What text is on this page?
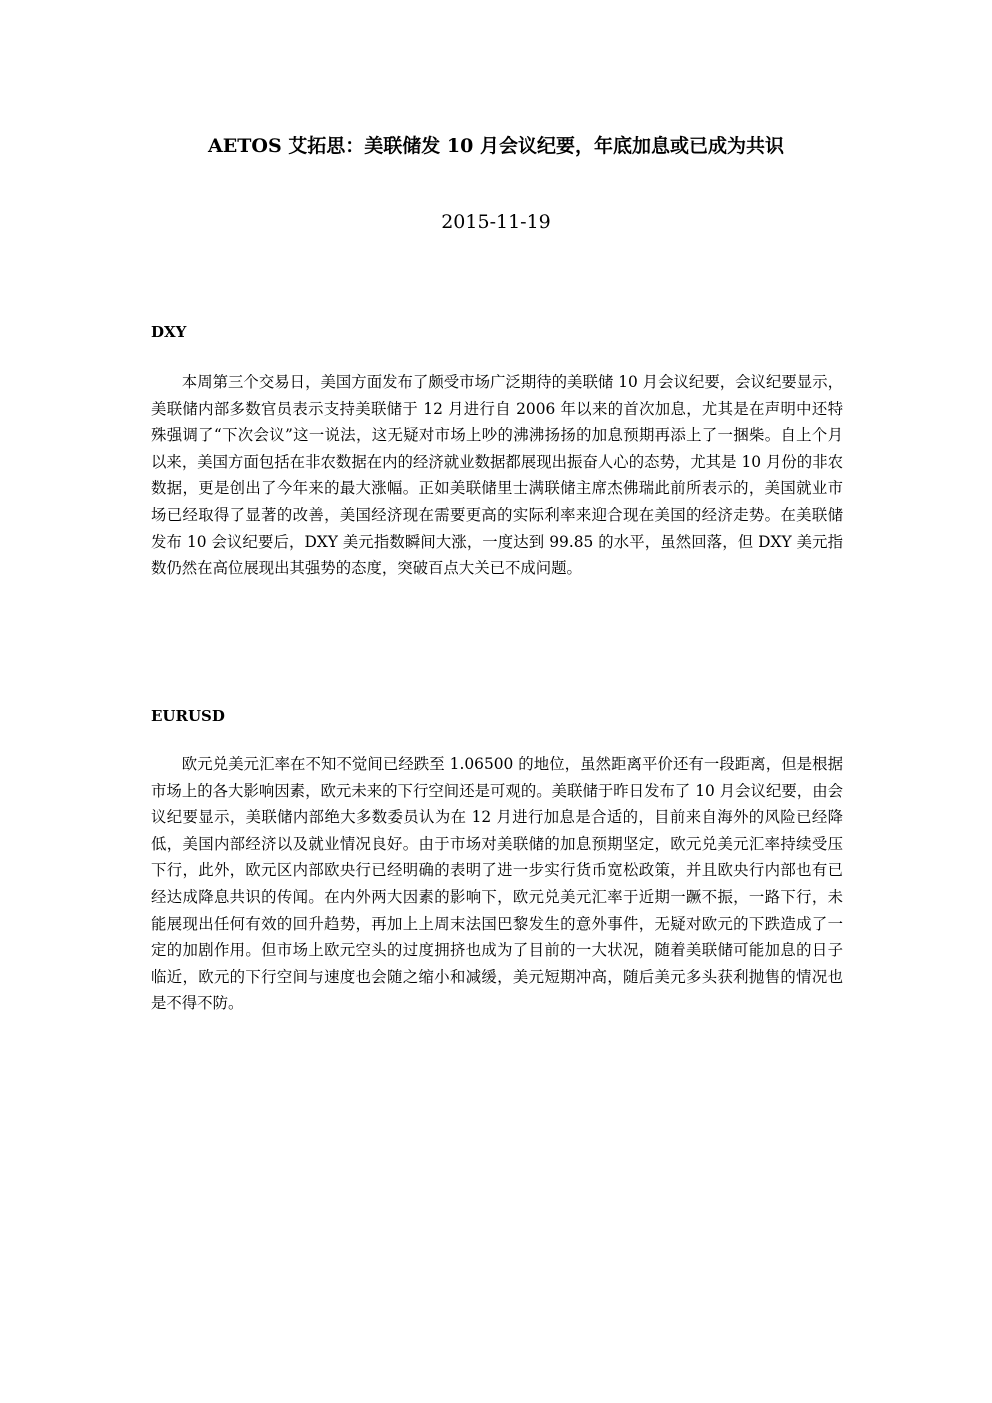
AETOS 艾拓思：美联储发 10 月会议纪要，年底加息或已成为共识
2015-11-19
DXY

本周第三个交易日，美国方面发布了颇受市场广泛期待的美联储 10 月会议纪要，会议纪要显示，美联储内部多数官员表示支持美联储于 12 月进行自 2006 年以来的首次加息，尤其是在声明中还特殊强调了“下次会议”这一说法，这无疑对市场上吵的沸沸扬扬的加息预期再添上了一捆柴。自上个月以来，美国方面包括在非农数据在内的经济就业数据都展现出振奋人心的态势，尤其是 10 月份的非农数据，更是创出了今年来的最大涨幅。正如美联储里士满联储主席杰佛瑞此前所表示的，美国就业市场已经取得了显著的改善，美国经济现在需要更高的实际利率来迎合现在美国的经济走势。在美联储发布 10 会议纪要后，DXY 美元指数瞬间大涨，一度达到 99.85 的水平，虽然回落，但 DXY 美元指数仍然在高位展现出其强势的态度，突破百点大关已不成问题。

EURUSD

欧元兑美元汇率在不知不觉间已经跌至 1.06500 的地位，虽然距离平价还有一段距离，但是根据市场上的各大影响因素，欧元未来的下行空间还是可观的。美联储于昨日发布了 10 月会议纪要，由会议纪要显示，美联储内部绝大多数委员认为在 12 月进行加息是合适的，目前来自海外的风险已经降低，美国内部经济以及就业情况良好。由于市场对美联储的加息预期坚定，欧元兑美元汇率持续受压下行，此外，欧元区内部欧央行已经明确的表明了进一步实行货币宽松政策，并且欧央行内部也有已经达成降息共识的传闻。在内外两大因素的影响下，欧元兑美元汇率于近期一蹶不振，一路下行，未能展现出任何有效的回升趋势，再加上上周末法国巴黎发生的意外事件，无疑对欧元的下跌造成了一定的加剧作用。但市场上欧元空头的过度拥挤也成为了目前的一大状况，随着美联储可能加息的日子临近，欧元的下行空间与速度也会随之缩小和减缓，美元短期冲高，随后美元多头获利抛售的情况也是不得不防。
